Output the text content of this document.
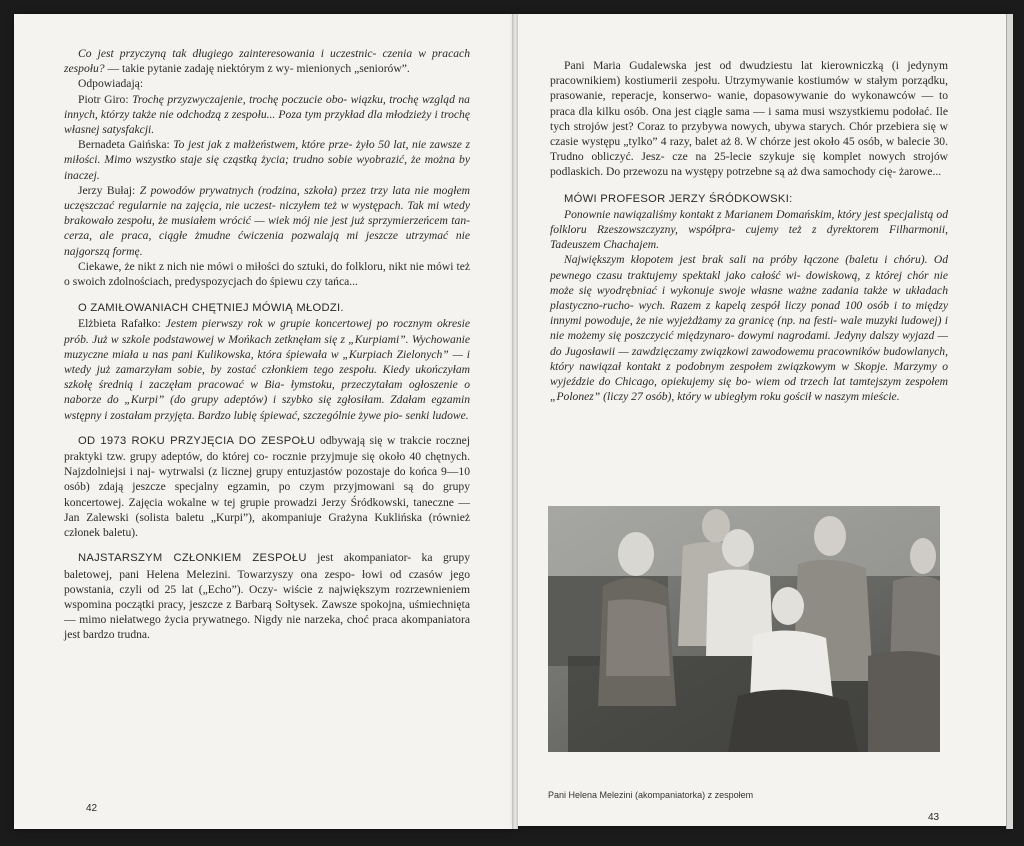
Co jest przyczyną tak długiego zainteresowania i uczestnic- czenia w pracach zespołu? — takie pytanie zadaję niektórym z wy- mienionych „seniorów”.

Odpowiadają:

Piotr Giro: Trochę przyzwyczajenie, trochę poczucie obo- wiązku, trochę wzgląd na innych, którzy także nie odchodzą z zespołu... Poza tym przykład dla młodzieży i trochę własnej satysfakcji.

Bernadeta Gaińska: To jest jak z małżeństwem, które prze- żyło 50 lat, nie zawsze z miłości. Mimo wszystko staje się cząstką życia; trudno sobie wyobrazić, że można by inaczej.

Jerzy Bułaj: Z powodów prywatnych (rodzina, szkoła) przez trzy lata nie mogłem uczęszczać regularnie na zajęcia, nie uczest- niczyłem też w występach. Tak mi wtedy brakowało zespołu, że musiałem wrócić — wiek mój nie jest już sprzymierzeńcem tan- cerza, ale praca, ciągłe żmudne ćwiczenia pozwalają mi jeszcze utrzymać nie najgorszą formę.

Ciekawe, że nikt z nich nie mówi o miłości do sztuki, do folkloru, nikt nie mówi też o swoich zdolnościach, predyspozycjach do śpiewu czy tańca...

O ZAMIŁOWANIACH CHĘTNIEJ MÓWIĄ MŁODZI.

Elżbieta Rafałko: Jestem pierwszy rok w grupie koncertowej po rocznym okresie prób. Już w szkole podstawowej w Mońkach zetknęłam się z „Kurpiami”. Wychowanie muzyczne miała u nas pani Kulikowska, która śpiewała w „Kurpiach Zielonych” — i wtedy już zamarzyłam sobie, by zostać członkiem tego zespołu. Kiedy ukończyłam szkołę średnią i zaczęłam pracować w Bia- łymstoku, przeczytałam ogłoszenie o naborze do „Kurpi” (do grupy adeptów) i szybko się zgłosiłam. Zdałam egzamin wstępny i zostałam przyjęta. Bardzo lubię śpiewać, szczególnie żywe pio- senki ludowe.

OD 1973 ROKU PRZYJĘCIA DO ZESPOŁU odbywają się w trakcie rocznej praktyki tzw. grupy adeptów, do której co- rocznie przyjmuje się około 40 chętnych. Najzdolniejsi i naj- wytrwalsi (z licznej grupy entuzjastów pozostaje do końca 9—10 osób) zdają jeszcze specjalny egzamin, po czym przyjmowani są do grupy koncertowej. Zajęcia wokalne w tej grupie prowadzi Jerzy Śródkowski, taneczne — Jan Zalewski (solista baletu „Kurpi”), akompaniuje Grażyna Kuklińska (również członek baletu).

NAJSTARSZYM CZŁONKIEM ZESPOŁU jest akompaniator- ka grupy baletowej, pani Helena Melezini. Towarzyszy ona zespo- łowi od czasów jego powstania, czyli od 25 lat („Echo”). Oczy- wiście z największym rozrzewnieniem wspomina początki pracy, jeszcze z Barbarą Sołtysek. Zawsze spokojna, uśmiechnięta — mimo niełatwego życia prywatnego. Nigdy nie narzeka, choć praca akompaniatora jest bardzo trudna.

42

Pani Maria Gudalewska jest od dwudziestu lat kierowniczką (i jedynym pracownikiem) kostiumerii zespołu. Utrzymywanie kostiumów w stałym porządku, prasowanie, reperacje, konserwo- wanie, dopasowywanie do wykonawców — to praca dla kilku osób. Ona jest ciągle sama — i sama musi wszystkiemu podołać. Ile tych strojów jest? Coraz to przybywa nowych, ubywa starych. Chór przebiera się w czasie występu „tylko” 4 razy, balet aż 8. W chórze jest około 45 osób, w balecie 30. Trudno obliczyć. Jesz- cze na 25-lecie szykuje się komplet nowych strojów podlaskich. Do przewozu na występy potrzebne są aż dwa samochody cię- żarowe...

MÓWI PROFESOR JERZY ŚRÓDKOWSKI:

Ponownie nawiązaliśmy kontakt z Marianem Domańskim, który jest specjalistą od folkloru Rzeszowszczyzny, współpra- cujemy też z dyrektorem Filharmonii, Tadeuszem Chachajem.

Największym kłopotem jest brak sali na próby łączone (baletu i chóru). Od pewnego czasu traktujemy spektakl jako całość wi- dowiskową, z której chór nie może się wyodrębniać i wykonuje swoje własne ważne zadania także w układach plastyczno-rucho- wych. Razem z kapelą zespół liczy ponad 100 osób i to między innymi powoduje, że nie wyjeżdżamy za granicę (np. na festi- wale muzyki ludowej) i nie możemy się poszczycić międzynaro- dowymi nagrodami. Jedyny dalszy wyjazd — do Jugosławii — zawdzięczamy związkowi zawodowemu pracowników budowlanych, który nawiązał kontakt z podobnym zespołem związkowym w Skopje. Marzymy o wyjeździe do Chicago, opiekujemy się bo- wiem od trzech lat tamtejszym zespołem „Polonez” (liczy 27 osób), który w ubiegłym roku gościł w naszym mieście.

Pani Helena Melezini (akompaniatorka) z zespołem
43
